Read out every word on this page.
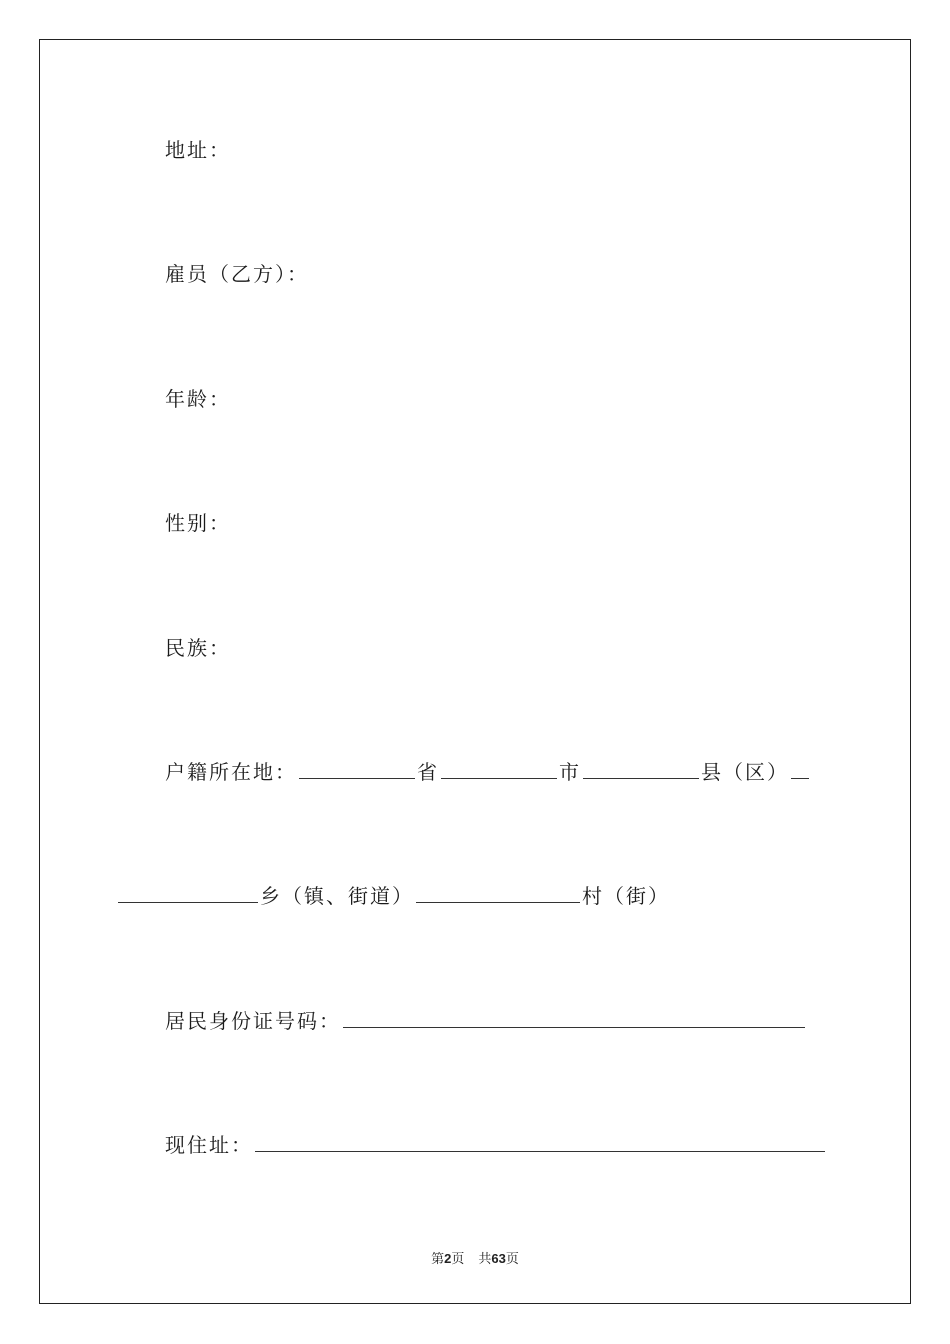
地址：
雇员（乙方）：
年龄：
性别：
民族：
户籍所在地：	省	市	县（区）
乡（镇、街道）	村（街）
居民身份证号码：
现住址：
第2页 共63页
